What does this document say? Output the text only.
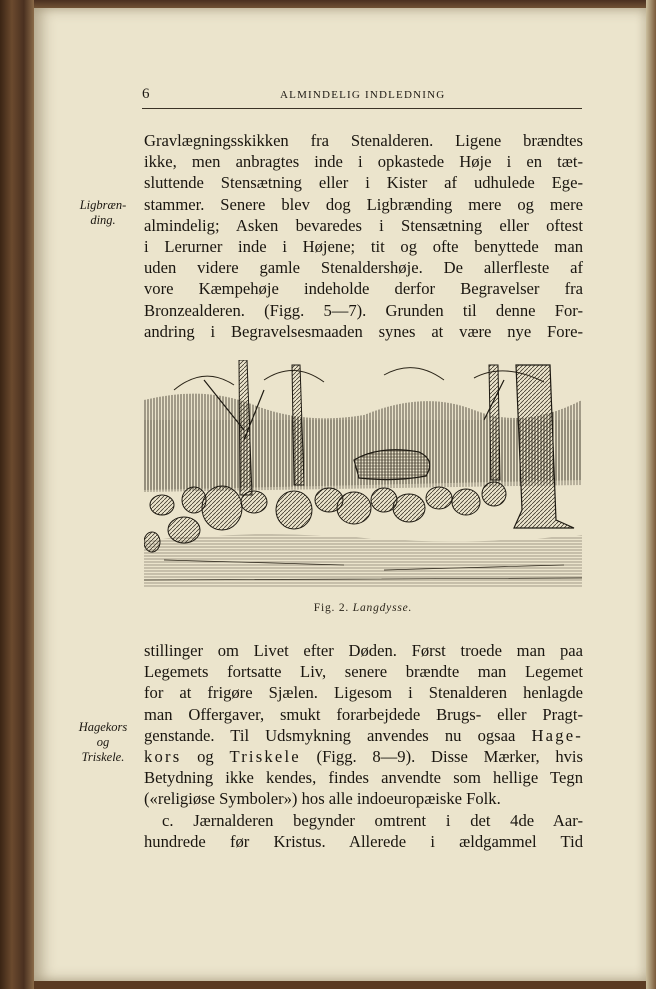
6	ALMINDELIG INDLEDNING
Gravlægningsskikken fra Stenalderen. Ligene brændtes
ikke, men anbragtes inde i opkastede Høje i en tæt-
sluttende Stensætning eller i Kister af udhulede Ege-
stammer. Senere blev dog Ligbrænding mere og mere
almindelig; Asken bevaredes i Stensætning eller oftest
i Lerurner inde i Højene; tit og ofte benyttede man
uden videre gamle Stenaldershøje. De allerfleste af
vore Kæmpehøje indeholde derfor Begravelser fra
Bronzealderen. (Figg. 5—7). Grunden til denne For-
andring i Begravelsesmaaden synes at være nye Fore-
Ligbræn-
ding.
Fig. 2. Langdysse.
stillinger om Livet efter Døden. Først troede man paa
Legemets fortsatte Liv, senere brændte man Legemet
for at frigøre Sjælen. Ligesom i Stenalderen henlagde
man Offergaver, smukt forarbejdede Brugs- eller Pragt-
genstande. Til Udsmykning anvendes nu ogsaa Hage-
kors og Triskele (Figg. 8—9). Disse Mærker, hvis
Betydning ikke kendes, findes anvendte som hellige Tegn
(«religiøse Symboler») hos alle indoeuropæiske Folk.
c. Jærnalderen begynder omtrent i det 4de Aar-
hundrede før Kristus. Allerede i ældgammel Tid
Hagekors
og
Triskele.
